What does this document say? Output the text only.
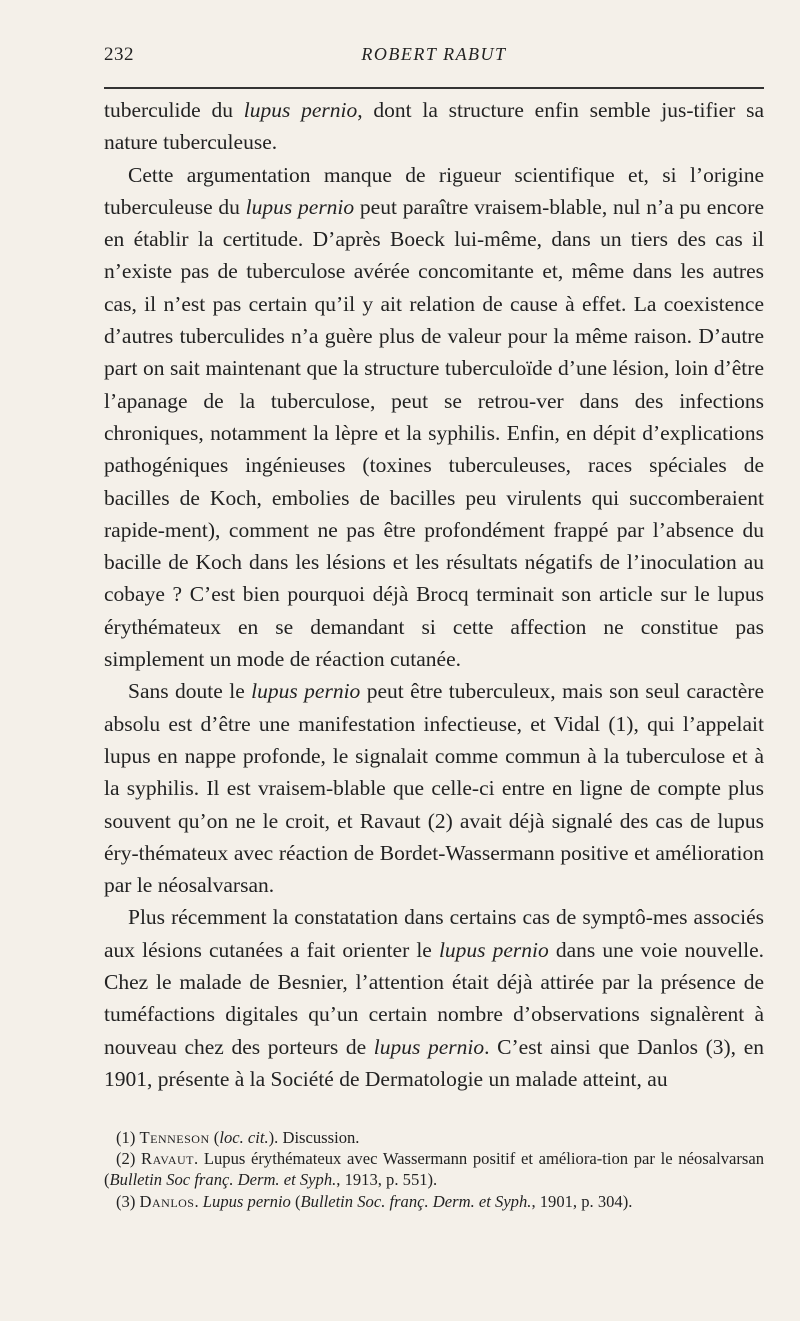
232	ROBERT RABUT

tuberculide du lupus pernio, dont la structure enfin semble jus-tifier sa nature tuberculeuse.

Cette argumentation manque de rigueur scientifique et, si l’origine tuberculeuse du lupus pernio peut paraître vraisem-blable, nul n’a pu encore en établir la certitude. D’après Boeck lui-même, dans un tiers des cas il n’existe pas de tuberculose avérée concomitante et, même dans les autres cas, il n’est pas certain qu’il y ait relation de cause à effet. La coexistence d’autres tuberculides n’a guère plus de valeur pour la même raison. D’autre part on sait maintenant que la structure tuberculoïde d’une lésion, loin d’être l’apanage de la tuberculose, peut se retrou-ver dans des infections chroniques, notamment la lèpre et la syphilis. Enfin, en dépit d’explications pathogéniques ingénieuses (toxines tuberculeuses, races spéciales de bacilles de Koch, embolies de bacilles peu virulents qui succomberaient rapide-ment), comment ne pas être profondément frappé par l’absence du bacille de Koch dans les lésions et les résultats négatifs de l’inoculation au cobaye ? C’est bien pourquoi déjà Brocq terminait son article sur le lupus érythémateux en se demandant si cette affection ne constitue pas simplement un mode de réaction cutanée.

Sans doute le lupus pernio peut être tuberculeux, mais son seul caractère absolu est d’être une manifestation infectieuse, et Vidal (1), qui l’appelait lupus en nappe profonde, le signalait comme commun à la tuberculose et à la syphilis. Il est vraisem-blable que celle-ci entre en ligne de compte plus souvent qu’on ne le croit, et Ravaut (2) avait déjà signalé des cas de lupus éry-thémateux avec réaction de Bordet-Wassermann positive et amélioration par le néosalvarsan.

Plus récemment la constatation dans certains cas de symptô-mes associés aux lésions cutanées a fait orienter le lupus pernio dans une voie nouvelle. Chez le malade de Besnier, l’attention était déjà attirée par la présence de tuméfactions digitales qu’un certain nombre d’observations signalèrent à nouveau chez des porteurs de lupus pernio. C’est ainsi que Danlos (3), en 1901, présente à la Société de Dermatologie un malade atteint, au

(1) Tenneson (loc. cit.). Discussion.

(2) Ravaut. Lupus érythémateux avec Wassermann positif et améliora-tion par le néosalvarsan (Bulletin Soc franç. Derm. et Syph., 1913, p. 551).

(3) Danlos. Lupus pernio (Bulletin Soc. franç. Derm. et Syph., 1901, p. 304).
